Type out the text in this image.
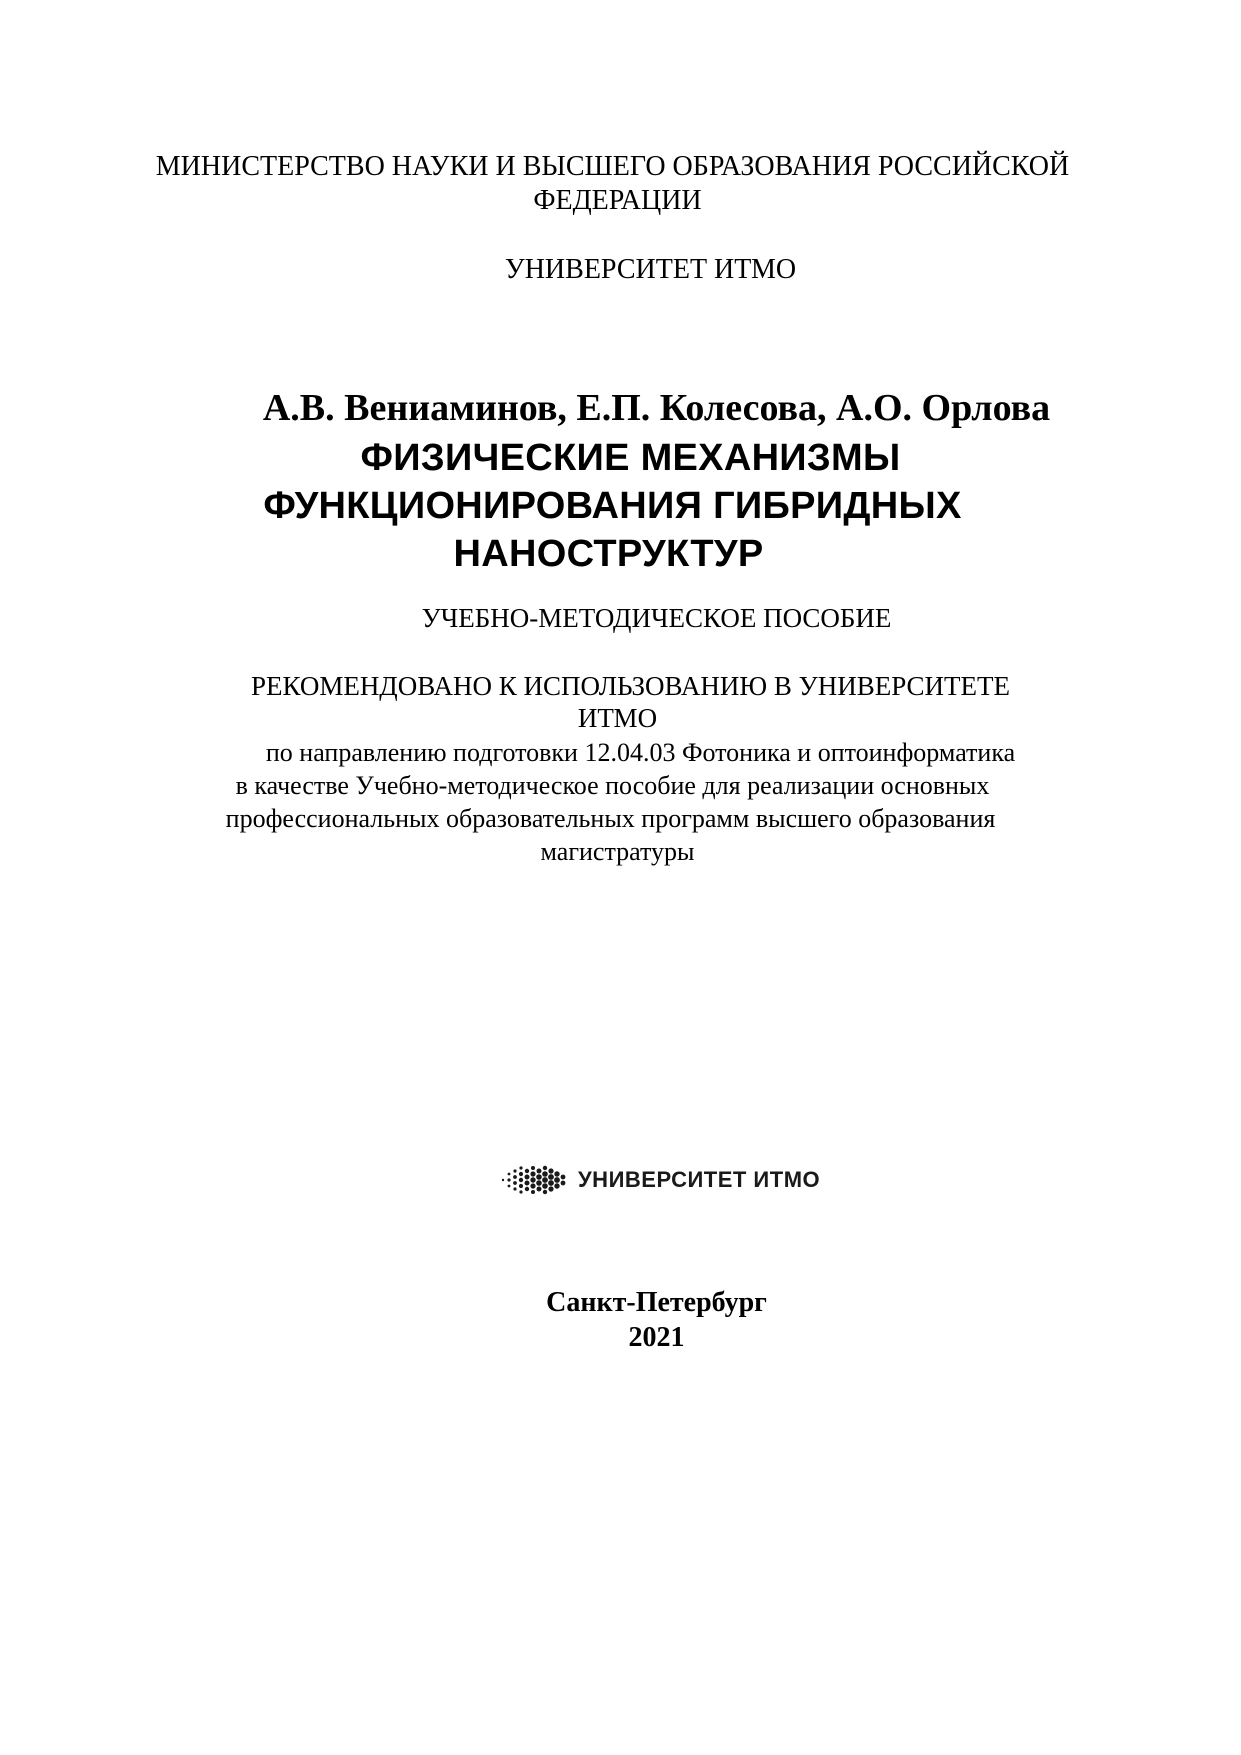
МИНИСТЕРСТВО НАУКИ И ВЫСШЕГО ОБРАЗОВАНИЯ РОССИЙСКОЙ
ФЕДЕРАЦИИ
УНИВЕРСИТЕТ ИТМО
А.В. Вениаминов, Е.П. Колесова, А.О. Орлова
ФИЗИЧЕСКИЕ МЕХАНИЗМЫ
ФУНКЦИОНИРОВАНИЯ ГИБРИДНЫХ
НАНОСТРУКТУР
УЧЕБНО-МЕТОДИЧЕСКОЕ ПОСОБИЕ
РЕКОМЕНДОВАНО К ИСПОЛЬЗОВАНИЮ В УНИВЕРСИТЕТЕ
ИТМО
по направлению подготовки 12.04.03 Фотоника и оптоинформатика
в качестве Учебно-методическое пособие для реализации основных
профессиональных образовательных программ высшего образования
магистратуры
УНИВЕРСИТЕТ ИТМО
Санкт-Петербург
2021
